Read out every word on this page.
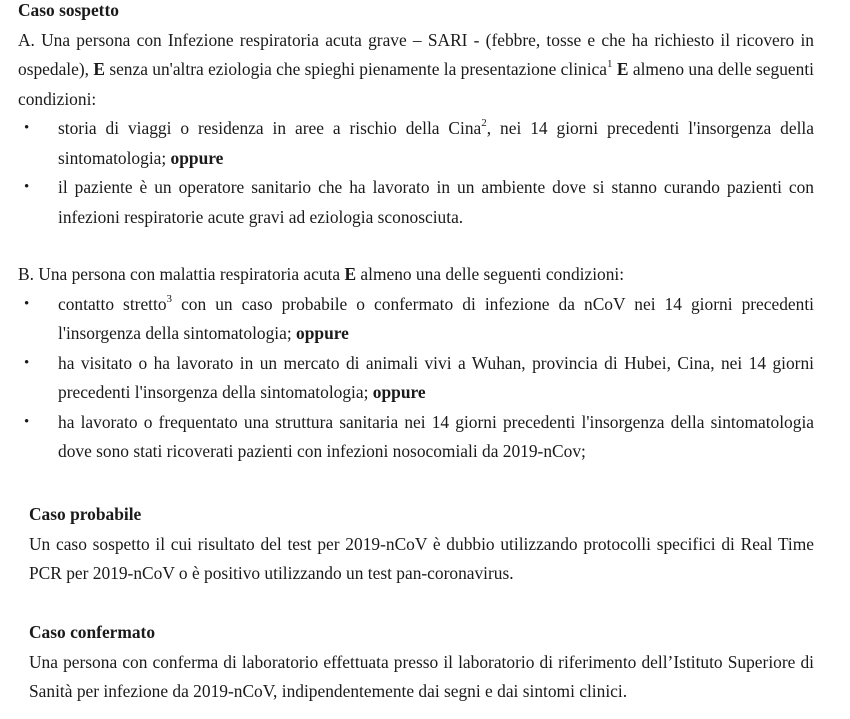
Caso sospetto

A. Una persona con Infezione respiratoria acuta grave – SARI - (febbre, tosse e che ha richiesto il ricovero in ospedale), E senza un'altra eziologia che spieghi pienamente la presentazione clinica$^1$ E almeno una delle seguenti condizioni:

• storia di viaggi o residenza in aree a rischio della Cina$^2$, nei 14 giorni precedenti l'insorgenza della sintomatologia; oppure
• il paziente è un operatore sanitario che ha lavorato in un ambiente dove si stanno curando pazienti con infezioni respiratorie acute gravi ad eziologia sconosciuta.

B. Una persona con malattia respiratoria acuta E almeno una delle seguenti condizioni:

• contatto stretto$^3$ con un caso probabile o confermato di infezione da nCoV nei 14 giorni precedenti l'insorgenza della sintomatologia; oppure
• ha visitato o ha lavorato in un mercato di animali vivi a Wuhan, provincia di Hubei, Cina, nei 14 giorni precedenti l'insorgenza della sintomatologia; oppure
• ha lavorato o frequentato una struttura sanitaria nei 14 giorni precedenti l'insorgenza della sintomatologia dove sono stati ricoverati pazienti con infezioni nosocomiali da 2019-nCov;

Caso probabile

Un caso sospetto il cui risultato del test per 2019-nCoV è dubbio utilizzando protocolli specifici di Real Time PCR per 2019-nCoV o è positivo utilizzando un test pan-coronavirus.

Caso confermato

Una persona con conferma di laboratorio effettuata presso il laboratorio di riferimento dell’Istituto Superiore di Sanità per infezione da 2019-nCoV, indipendentemente dai segni e dai sintomi clinici.
